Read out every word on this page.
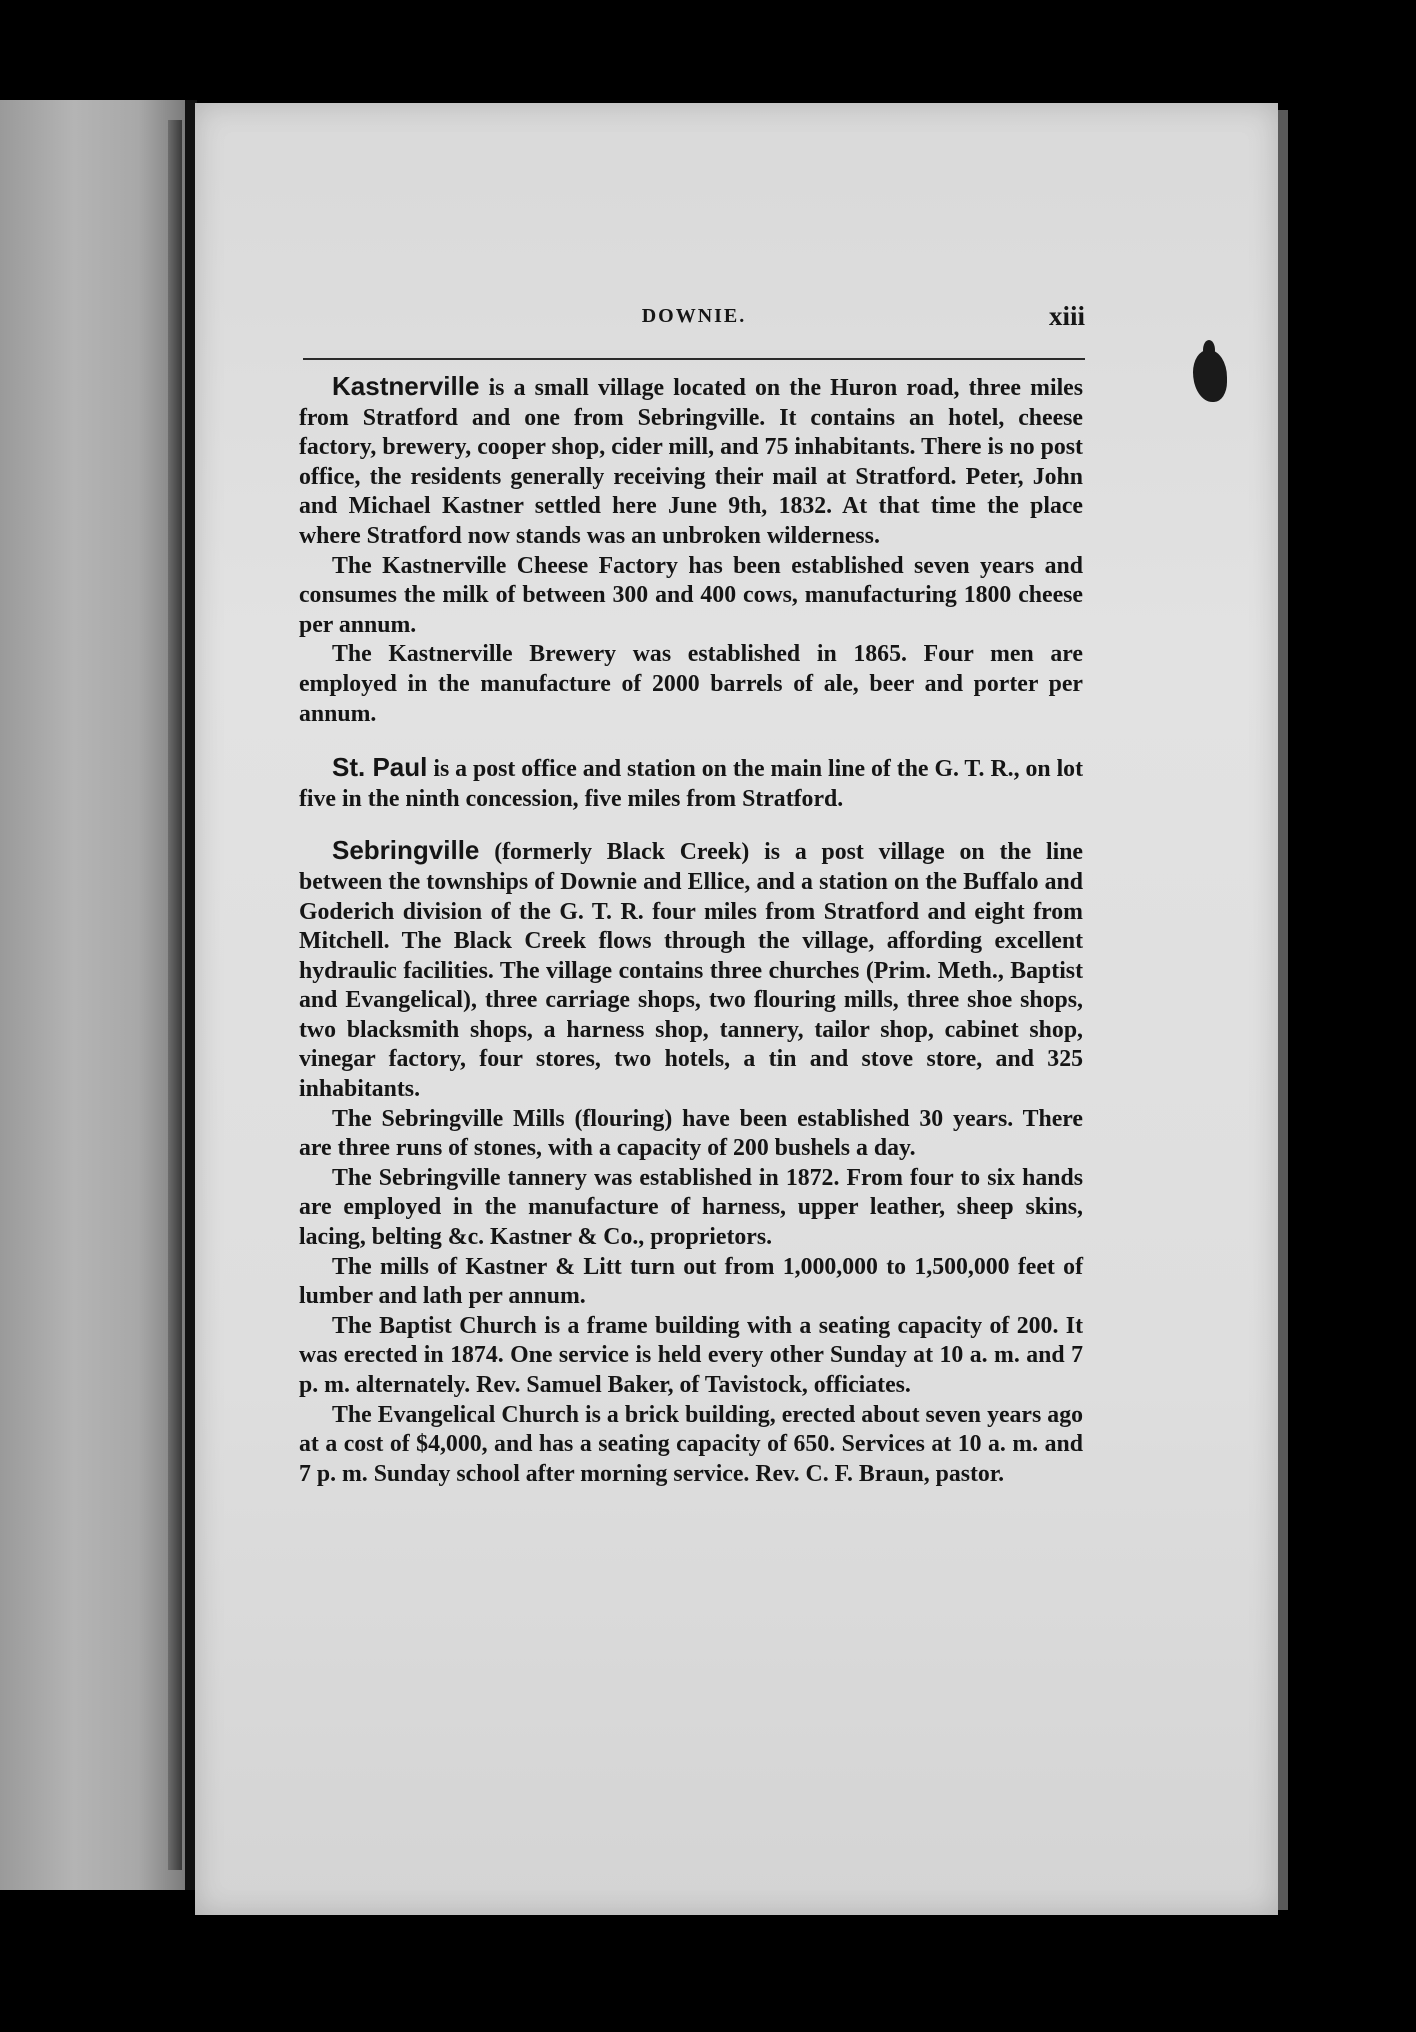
DOWNIE.	xiii

Kastnerville is a small village located on the Huron road, three miles from Stratford and one from Sebringville. It contains an hotel, cheese factory, brewery, cooper shop, cider mill, and 75 inhabitants. There is no post office, the residents generally receiving their mail at Stratford. Peter, John and Michael Kastner settled here June 9th, 1832. At that time the place where Stratford now stands was an unbroken wilderness.

The Kastnerville Cheese Factory has been established seven years and consumes the milk of between 300 and 400 cows, manufacturing 1800 cheese per annum.

The Kastnerville Brewery was established in 1865. Four men are employed in the manufacture of 2000 barrels of ale, beer and porter per annum.

St. Paul is a post office and station on the main line of the G. T. R., on lot five in the ninth concession, five miles from Stratford.

Sebringville (formerly Black Creek) is a post village on the line between the townships of Downie and Ellice, and a station on the Buffalo and Goderich division of the G. T. R. four miles from Stratford and eight from Mitchell. The Black Creek flows through the village, affording excellent hydraulic facilities. The village contains three churches (Prim. Meth., Baptist and Evangelical), three carriage shops, two flouring mills, three shoe shops, two blacksmith shops, a harness shop, tannery, tailor shop, cabinet shop, vinegar factory, four stores, two hotels, a tin and stove store, and 325 inhabitants.

The Sebringville Mills (flouring) have been established 30 years. There are three runs of stones, with a capacity of 200 bushels a day.

The Sebringville tannery was established in 1872. From four to six hands are employed in the manufacture of harness, upper leather, sheep skins, lacing, belting &c. Kastner & Co., proprietors.

The mills of Kastner & Litt turn out from 1,000,000 to 1,500,000 feet of lumber and lath per annum.

The Baptist Church is a frame building with a seating capacity of 200. It was erected in 1874. One service is held every other Sunday at 10 a. m. and 7 p. m. alternately. Rev. Samuel Baker, of Tavistock, officiates.

The Evangelical Church is a brick building, erected about seven years ago at a cost of $4,000, and has a seating capacity of 650. Services at 10 a. m. and 7 p. m. Sunday school after morning service. Rev. C. F. Braun, pastor.
